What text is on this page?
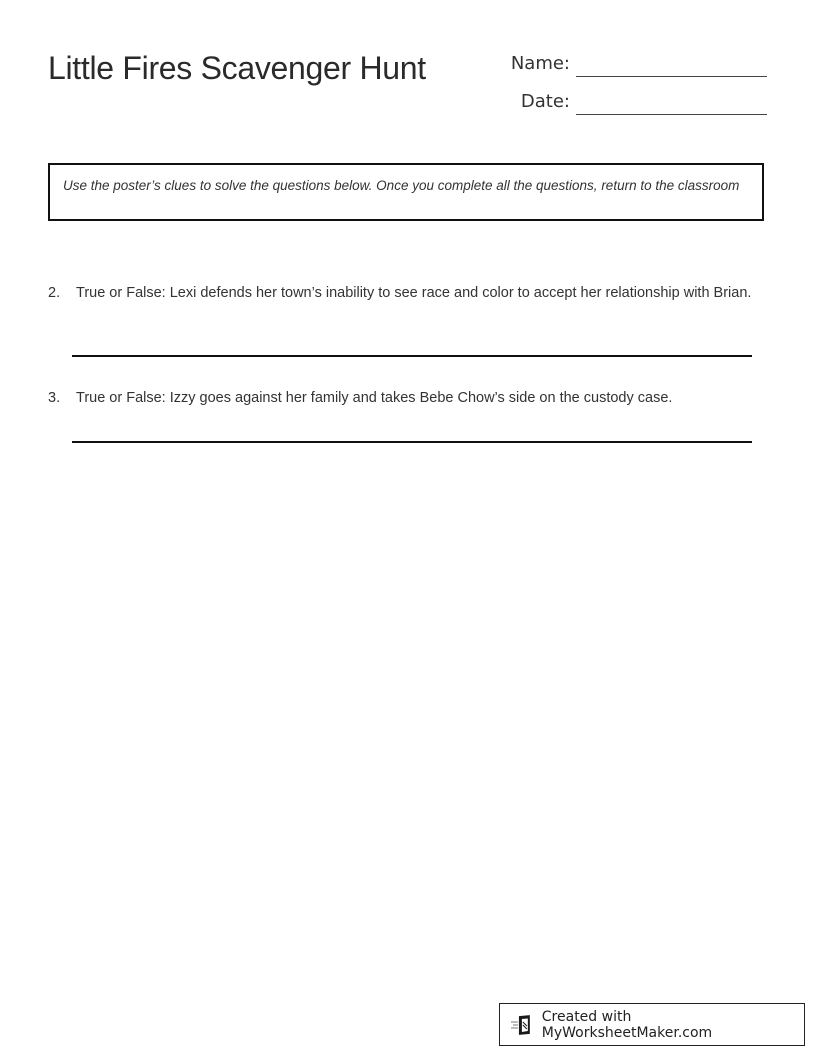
Little Fires Scavenger Hunt	Name:
Date:
Use the poster’s clues to solve the questions below. Once you complete all the questions, return to the classroom
2.	True or False: Lexi defends her town’s inability to see race and color to accept her relationship with Brian.
3.	True or False: Izzy goes against her family and takes Bebe Chow’s side on the custody case.
Created with MyWorksheetMaker.com
